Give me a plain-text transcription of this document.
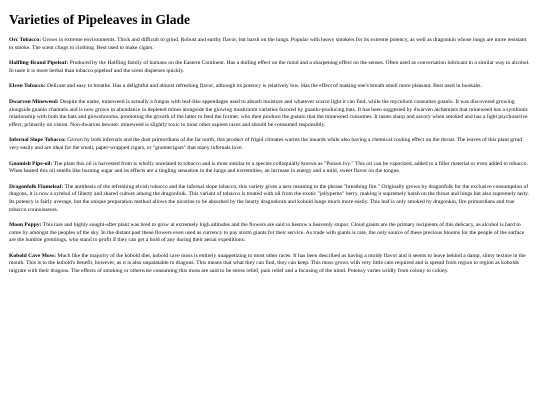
Varieties of Pipeleaves in Glade

Orc Tobacco: Grows in extreme environments. Thick and difficult to grind. Robust and earthy flavor, but harsh on the lungs. Popular with heavy smokers for its extreme potency, as well as dragonkin whose lungs are more resistant to smoke. The scent clings to clothing. Best used to make cigars.

Halfling-Brand Pipeleaf: Produced by the Halfling family of humans on the Eastern Continent. Has a dulling effect on the mind and a sharpening effect on the senses. Often used as conversation lubricant in a similar way to alcohol. In taste it is more herbal than tobacco pipeleaf and the scent disperses quickly.

Elven Tobacco: Delicate and easy to breathe. Has a delightful and almost refreshing flavor, although its potency is relatively low. Has the effect of making one's breath smell more pleasant. Best used in hookahs.

Dwarven Mineweed: Despite the name, mineweed is actually a fungus with leaf-like appendages used to absorb moisture and whatever scarce light it can find, while the mycelium consumes guanlo. It was discovered growing alongside guanlo channels and is now grown in abundance in depleted mines alongside the glowing mushroom varieties favored by guanlo-producing bats. It has been suggested by dwarven alchemists that mineweed has a symbiotic relationship with both the bats and glowshrooms, promoting the growth of the latter to feed the former, who then produce the guanlo that the mineweed consumes. It tastes sharp and savory when smoked and has a light psychoactive effect, primarily on vision. Non-dwarves beware: mineweed is slightly toxic to most other sapient races and should be consumed responsibly.

Infernal Slope Tobacco: Grown by both infernals and the dust primordians of the far north, this product of frigid climates warms the innards while also having a chemical cooling effect on the throat. The leaves of this plant grind very easily and are ideal for the small, paper-wrapped cigars, or "gnomecigars" that many infernals love.

Gnomish Pipe-oil: The plant this oil is harvested from is wholly unrelated to tobacco and is most similar to a species colloquially known as "Poison Ivy." This oil can be vaporized, added to a filler material or even added to tobacco. When heated this oil smells like burning sugar and its effects are a tingling sensation in the lungs and extremities, an increase in energy and a mild, sweet flavor on the tongue.

Dragonfolk Flameleaf: The antithesis of the refreshing elvish tobacco and the infernal slope tobacco, this variety gives a new meaning to the phrase "breathing fire." Originally grown by dragonfolk for the exclusive consumption of dragons, it is now a symbol of liberty and shared culture among the dragonfolk. This variant of tobacco is treated with oil from the exotic "jellypemo" berry, making it supremely harsh on the throat and lungs but also supremely tasty. Its potency is fairly average, but the unique preparation method allows the nicotine to be absorbed by the hearty dragonborn and kobold lungs much more easily. This leaf is only smoked by dragonkin, fire primordians and true tobacco connoisseurs.

Moon Poppy: This rare and highly sought-after plant was bred to grow at extremely high altitudes and the flowers are said to bestow a heavenly stupor. Cloud giants are the primary recipients of this delicacy, as alcohol is hard to come by amongst the peoples of the sky. In the distant past these flowers even used as currency to pay storm giants for their service. As trade with giants is rare, the only source of these precious blooms for the people of the surface are the humble gremlings, who stand to profit if they can get a hold of any during their aerial expeditions.

Kobold Cave Moss: Much like the majority of the kobold diet, kobold cave moss is entirely unappetizing to most other races. It has been described as having a moldy flavor and it seems to leave behind a damp, slimy texture in the mouth. This is to the kobold's benefit, however, as it is also unpalatable to dragons. This means that what they can find, they can keep. This moss grows with very little care required and is spread from region to region as kobolds migrate with their dragons. The effects of smoking or otherwise consuming this moss are said to be stress relief, pain relief and a focusing of the mind. Potency varies wildly from colony to colony.
